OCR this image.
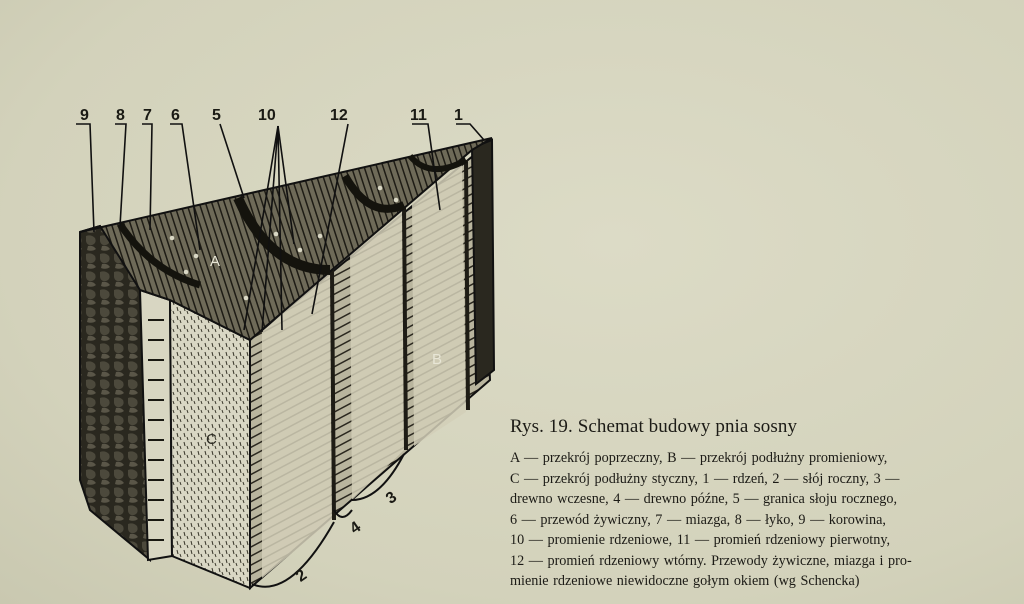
9 8 7 6 5 10	12	11 1
2
3
4
A
B
C
Rys. 19. Schemat budowy pnia sosny
A — przekrój poprzeczny, B — przekrój podłużny promieniowy,
C — przekrój podłużny styczny, 1 — rdzeń, 2 — słój roczny, 3 —
drewno wczesne, 4 — drewno późne, 5 — granica słoju rocznego,
6 — przewód żywiczny, 7 — miazga, 8 — łyko, 9 — korowina,
10 — promienie rdzeniowe, 11 — promień rdzeniowy pierwotny,
12 — promień rdzeniowy wtórny. Przewody żywiczne, miazga i pro-
mienie rdzeniowe niewidoczne gołym okiem (wg Schencka)
